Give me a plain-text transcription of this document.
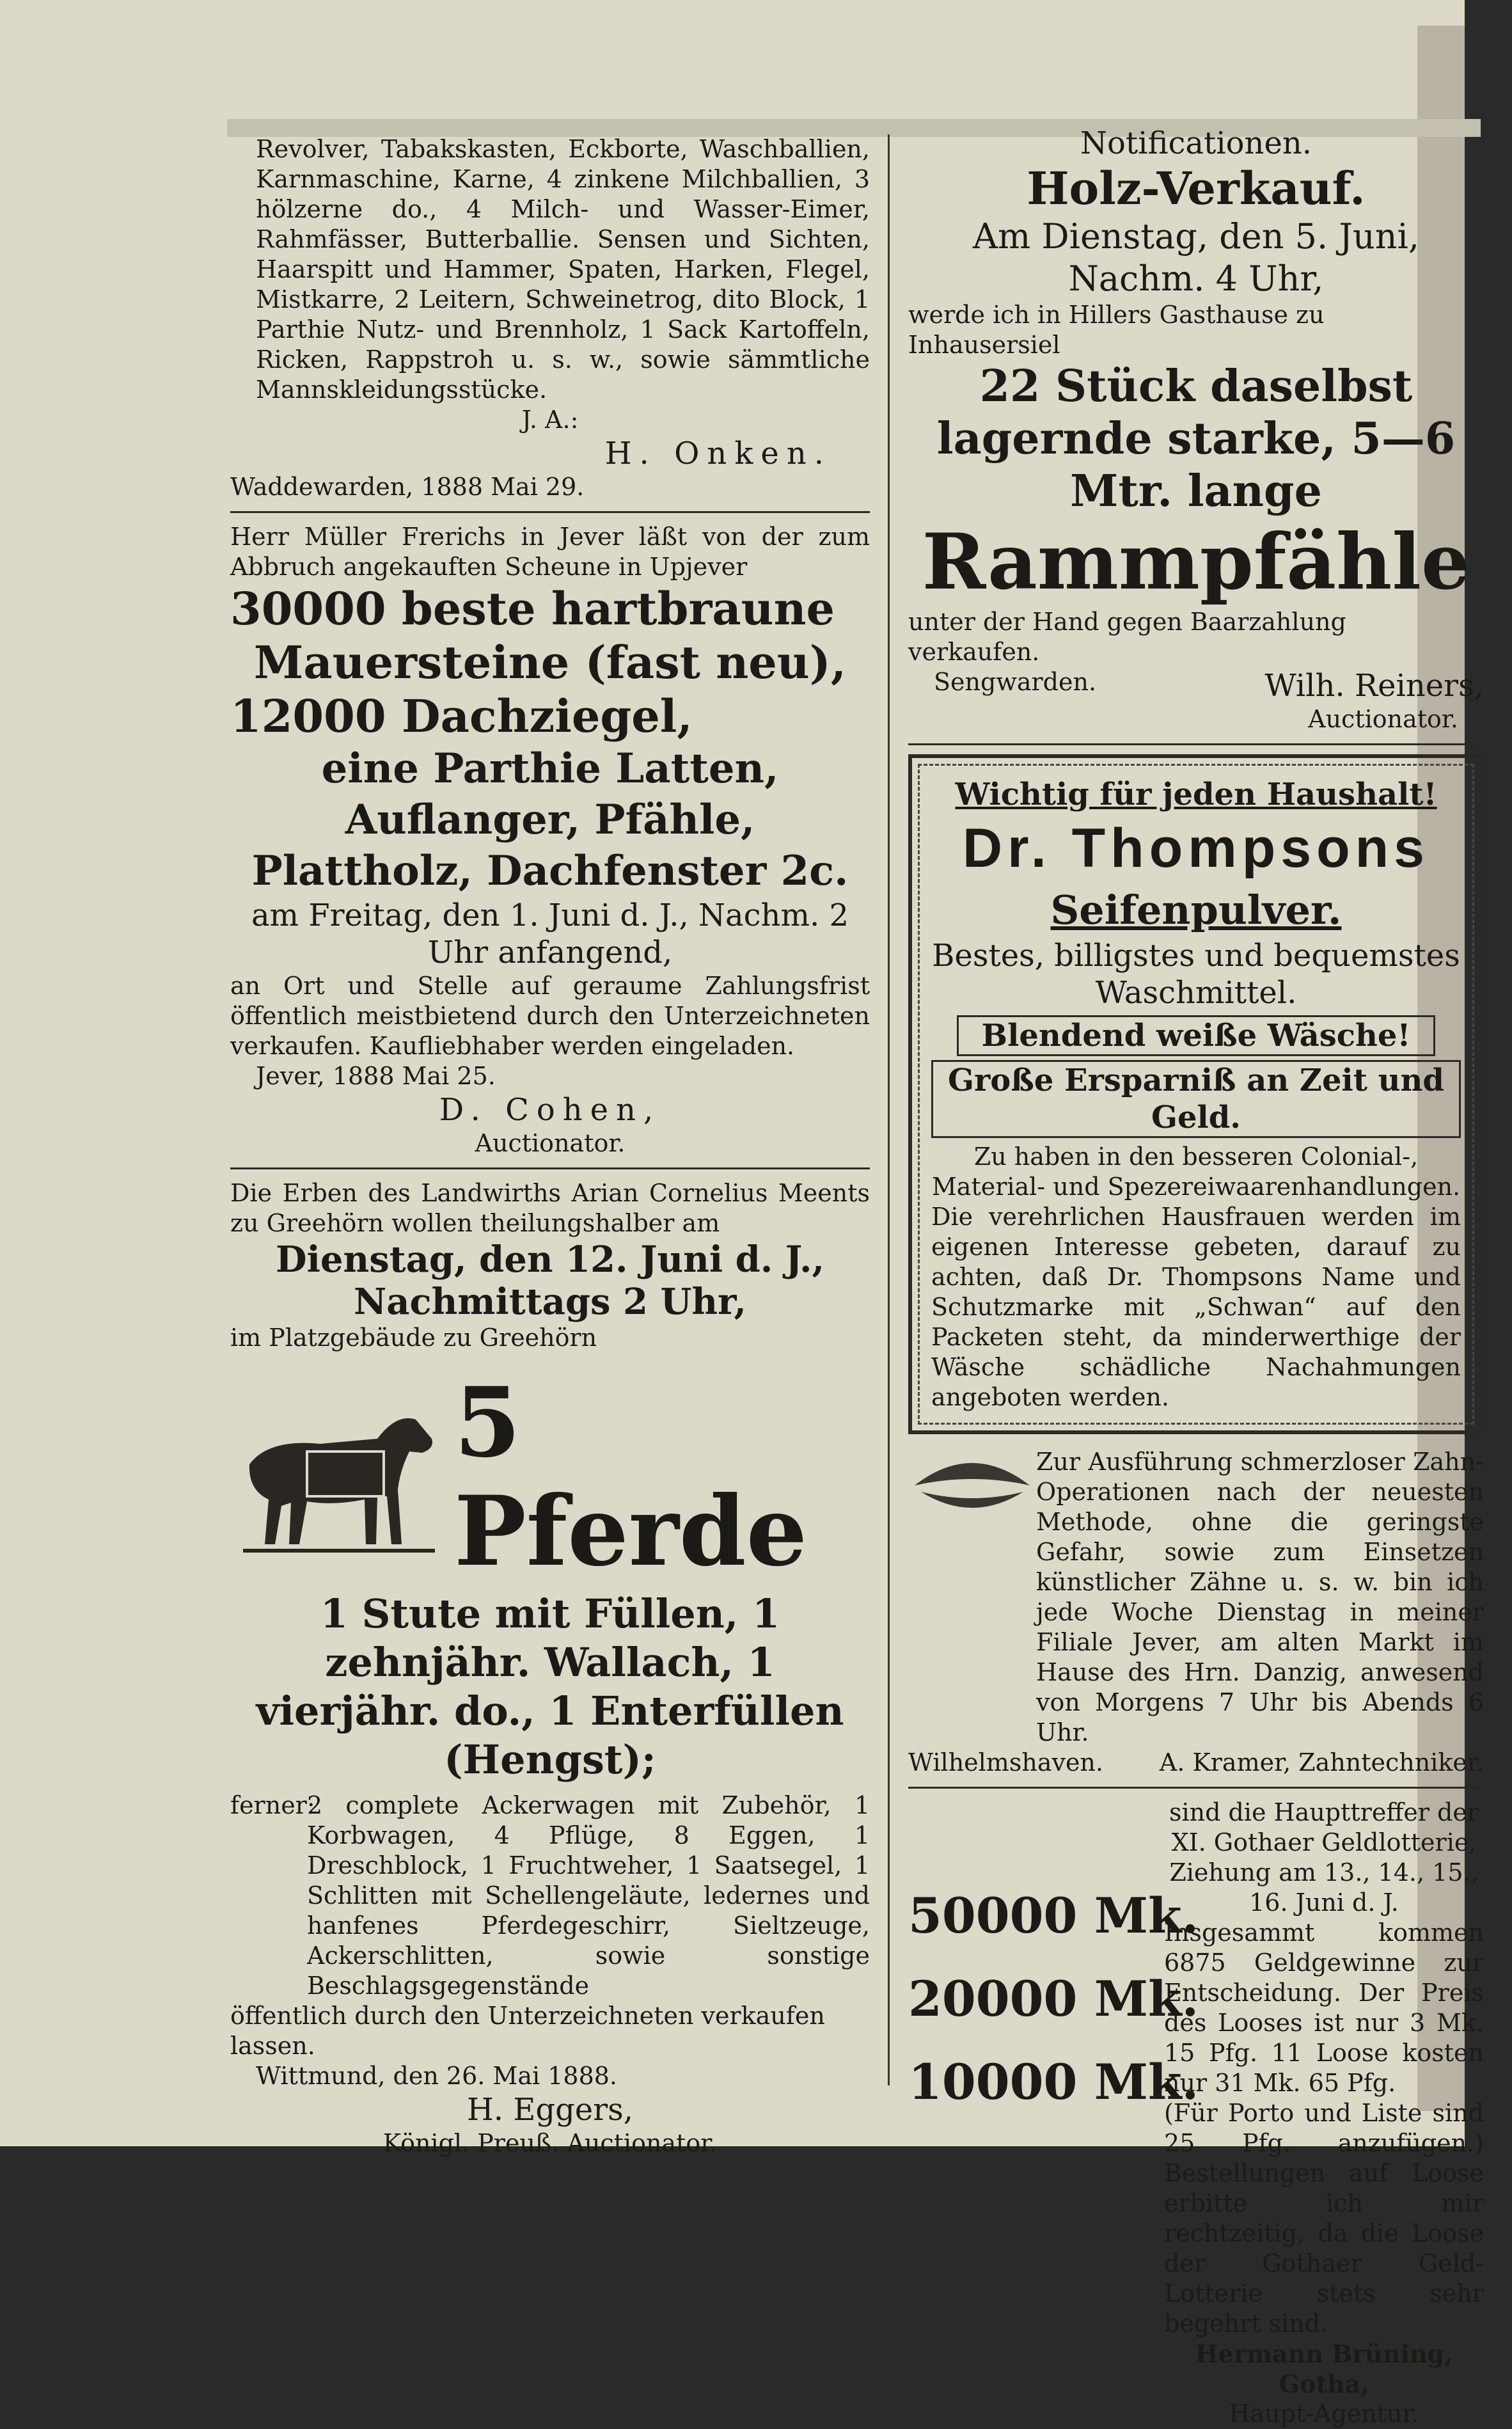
Revolver, Tabakskasten, Eckborte, Waschballien, Karnmaschine, Karne, 4 zinkene Milchballien, 3 hölzerne do., 4 Milch- und Wasser-Eimer, Rahmfässer, Butterballie. Sensen und Sichten, Haarspitt und Hammer, Spaten, Harken, Flegel, Mistkarre, 2 Leitern, Schweinetrog, dito Block, 1 Parthie Nutz- und Brennholz, 1 Sack Kartoffeln, Ricken, Rappstroh u. s. w., sowie sämmtliche Mannskleidungsstücke.

J. A.:

H. Onken.

Waddewarden, 1888 Mai 29.

Herr Müller Frerichs in Jever läßt von der zum Abbruch angekauften Scheune in Upjever

30000 beste hartbraune

Mauersteine (fast neu),

12000 Dachziegel,

eine Parthie Latten, Auflanger, Pfähle, Plattholz, Dachfenster 2c.

am Freitag, den 1. Juni d. J., Nachm. 2 Uhr anfangend,

an Ort und Stelle auf geraume Zahlungsfrist öffentlich meistbietend durch den Unterzeichneten verkaufen. Kaufliebhaber werden eingeladen.

Jever, 1888 Mai 25.

D. Cohen,

Auctionator.

Die Erben des Landwirths Arian Cornelius Meents zu Greehörn wollen theilungshalber am

Dienstag, den 12. Juni d. J.,

Nachmittags 2 Uhr,

im Platzgebäude zu Greehörn

5 Pferde

1 Stute mit Füllen, 1 zehnjähr. Wallach, 1 vierjähr. do., 1 Enterfüllen (Hengst);

ferner:

2 complete Ackerwagen mit Zubehör, 1 Korbwagen, 4 Pflüge, 8 Eggen, 1 Dreschblock, 1 Fruchtweher, 1 Saatsegel, 1 Schlitten mit Schellengeläute, ledernes und hanfenes Pferdegeschirr, Sieltzeuge, Ackerschlitten, sowie sonstige Beschlagsgegenstände

öffentlich durch den Unterzeichneten verkaufen lassen.

Wittmund, den 26. Mai 1888.

H. Eggers,

Königl. Preuß. Auctionator.

Notificationen.

Holz-Verkauf.

Am Dienstag, den 5. Juni, Nachm. 4 Uhr,

werde ich in Hillers Gasthause zu Inhausersiel

22 Stück daselbst lagernde starke, 5—6 Mtr. lange

Rammpfähle

unter der Hand gegen Baarzahlung verkaufen.

Sengwarden.	Wilh. Reiners,

Auctionator.

Wichtig für jeden Haushalt!

Dr. Thompsons

Seifenpulver.

Bestes, billigstes und bequemstes Waschmittel.

Blendend weiße Wäsche!

Große Ersparniß an Zeit und Geld.

Zu haben in den besseren Colonial-, Material- und Spezereiwaarenhandlungen.

Die verehrlichen Hausfrauen werden im eigenen Interesse gebeten, darauf zu achten, daß Dr. Thompsons Name und Schutzmarke mit „Schwan“ auf den Packeten steht, da minderwerthige der Wäsche schädliche Nachahmungen angeboten werden.

Zur Ausführung schmerzloser Zahn-Operationen nach der neuesten Methode, ohne die geringste Gefahr, sowie zum Einsetzen künstlicher Zähne u. s. w. bin ich jede Woche Dienstag in meiner Filiale Jever, am alten Markt im Hause des Hrn. Danzig, anwesend von Morgens 7 Uhr bis Abends 6 Uhr.

Wilhelmshaven. A. Kramer, Zahntechniker.

50000 Mk.

20000 Mk.

10000 Mk.

sind die Haupttreffer der XI. Gothaer Geldlotterie, Ziehung am 13., 14., 15., 16. Juni d. J.

Insgesammt kommen 6875 Geldgewinne zur Entscheidung. Der Preis des Looses ist nur 3 Mk. 15 Pfg. 11 Loose kosten nur 31 Mk. 65 Pfg.

(Für Porto und Liste sind 25 Pfg. anzufügen.) Bestellungen auf Loose erbitte ich mir rechtzeitig, da die Loose der Gothaer Geld-Lotterie stets sehr begehrt sind.

Hermann Brüning, Gotha,

Haupt-Agentur.
